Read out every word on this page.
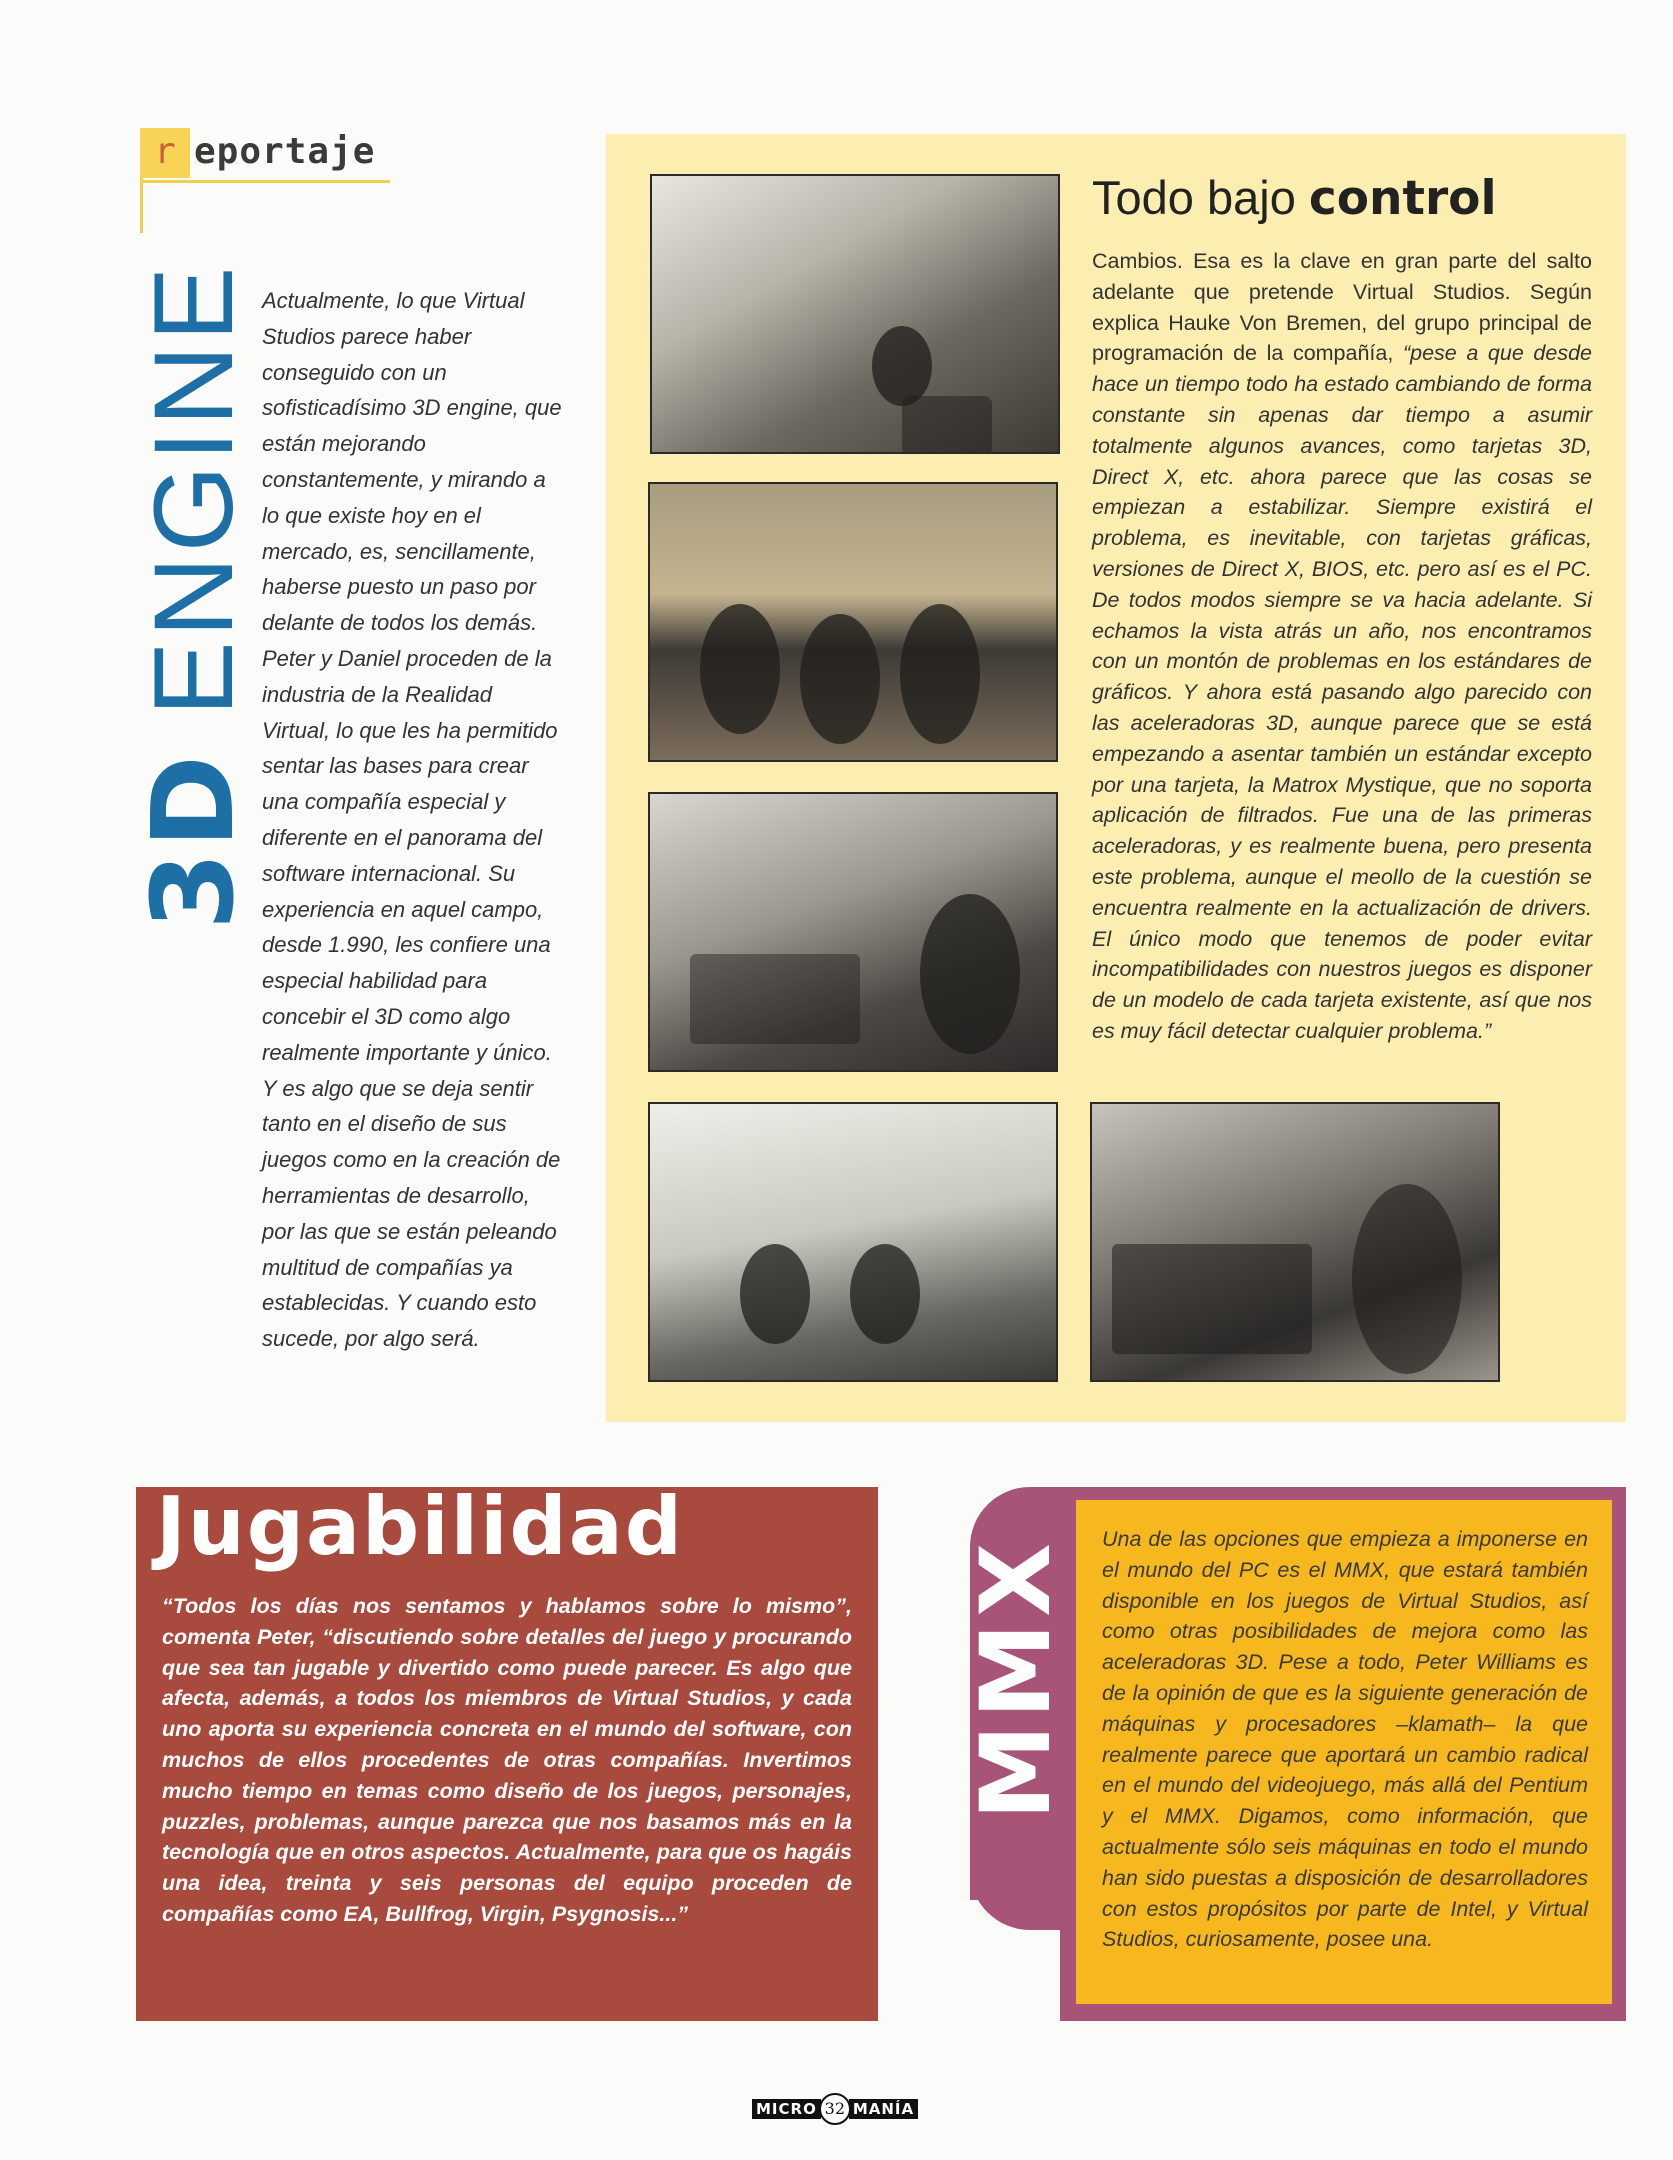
r eportaje
3D ENGINE Actualmente, lo que Virtual Studios parece haber conseguido con un sofisticadísimo 3D engine, que están mejorando constantemente, y mirando a lo que existe hoy en el mercado, es, sencillamente, haberse puesto un paso por delante de todos los demás. Peter y Daniel proceden de la industria de la Realidad Virtual, lo que les ha permitido sentar las bases para crear una compañía especial y diferente en el panorama del software internacional. Su experiencia en aquel campo, desde 1.990, les confiere una especial habilidad para concebir el 3D como algo realmente importante y único. Y es algo que se deja sentir tanto en el diseño de sus juegos como en la creación de herramientas de desarrollo, por las que se están peleando multitud de compañías ya establecidas. Y cuando esto sucede, por algo será.
Todo bajo control
Cambios. Esa es la clave en gran parte del salto adelante que pretende Virtual Studios. Según explica Hauke Von Bremen, del grupo principal de programación de la compañía, “pese a que desde hace un tiempo todo ha estado cambiando de forma constante sin apenas dar tiempo a asumir totalmente algunos avances, como tarjetas 3D, Direct X, etc. ahora parece que las cosas se empiezan a estabilizar. Siempre existirá el problema, es inevitable, con tarjetas gráficas, versiones de Direct X, BIOS, etc. pero así es el PC. De todos modos siempre se va hacia adelante. Si echamos la vista atrás un año, nos encontramos con un montón de problemas en los estándares de gráficos. Y ahora está pasando algo parecido con las aceleradoras 3D, aunque parece que se está empezando a asentar también un estándar excepto por una tarjeta, la Matrox Mystique, que no soporta aplicación de filtrados. Fue una de las primeras aceleradoras, y es realmente buena, pero presenta este problema, aunque el meollo de la cuestión se encuentra realmente en la actualización de drivers. El único modo que tenemos de poder evitar incompatibilidades con nuestros juegos es disponer de un modelo de cada tarjeta existente, así que nos es muy fácil detectar cualquier problema.”
Jugabilidad
“Todos los días nos sentamos y hablamos sobre lo mismo”, comenta Peter, “discutiendo sobre detalles del juego y procurando que sea tan jugable y divertido como puede parecer. Es algo que afecta, además, a todos los miembros de Virtual Studios, y cada uno aporta su experiencia concreta en el mundo del software, con muchos de ellos procedentes de otras compañías. Invertimos mucho tiempo en temas como diseño de los juegos, personajes, puzzles, problemas, aunque parezca que nos basamos más en la tecnología que en otros aspectos. Actualmente, para que os hagáis una idea, treinta y seis personas del equipo proceden de compañías como EA, Bullfrog, Virgin, Psygnosis...”
MMX Una de las opciones que empieza a imponerse en el mundo del PC es el MMX, que estará también disponible en los juegos de Virtual Studios, así como otras posibilidades de mejora como las aceleradoras 3D. Pese a todo, Peter Williams es de la opinión de que es la siguiente generación de máquinas y procesadores –klamath– la que realmente parece que aportará un cambio radical en el mundo del videojuego, más allá del Pentium y el MMX. Digamos, como información, que actualmente sólo seis máquinas en todo el mundo han sido puestas a disposición de desarrolladores con estos propósitos por parte de Intel, y Virtual Studios, curiosamente, posee una.
MICRO 32 MANÍA
